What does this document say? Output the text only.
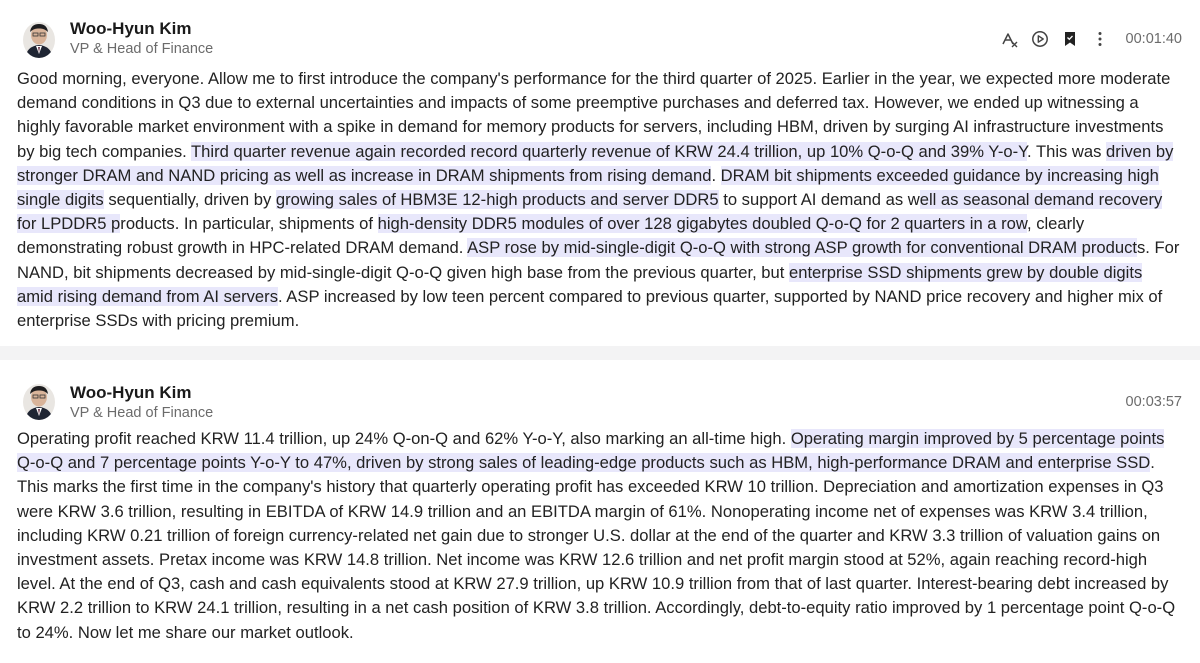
Woo-Hyun Kim
VP & Head of Finance
00:01:40

Good morning, everyone. Allow me to first introduce the company's performance for the third quarter of 2025. Earlier in the year, we expected more moderate demand conditions in Q3 due to external uncertainties and impacts of some preemptive purchases and deferred tax. However, we ended up witnessing a highly favorable market environment with a spike in demand for memory products for servers, including HBM, driven by surging AI infrastructure investments by big tech companies. Third quarter revenue again recorded record quarterly revenue of KRW 24.4 trillion, up 10% Q-o-Q and 39% Y-o-Y. This was driven by stronger DRAM and NAND pricing as well as increase in DRAM shipments from rising demand. DRAM bit shipments exceeded guidance by increasing high single digits sequentially, driven by growing sales of HBM3E 12-high products and server DDR5 to support AI demand as well as seasonal demand recovery for LPDDR5 products. In particular, shipments of high-density DDR5 modules of over 128 gigabytes doubled Q-o-Q for 2 quarters in a row, clearly demonstrating robust growth in HPC-related DRAM demand. ASP rose by mid-single-digit Q-o-Q with strong ASP growth for conventional DRAM products. For NAND, bit shipments decreased by mid-single-digit Q-o-Q given high base from the previous quarter, but enterprise SSD shipments grew by double digits amid rising demand from AI servers. ASP increased by low teen percent compared to previous quarter, supported by NAND price recovery and higher mix of enterprise SSDs with pricing premium.

Woo-Hyun Kim
VP & Head of Finance
00:03:57

Operating profit reached KRW 11.4 trillion, up 24% Q-on-Q and 62% Y-o-Y, also marking an all-time high. Operating margin improved by 5 percentage points Q-o-Q and 7 percentage points Y-o-Y to 47%, driven by strong sales of leading-edge products such as HBM, high-performance DRAM and enterprise SSD. This marks the first time in the company's history that quarterly operating profit has exceeded KRW 10 trillion. Depreciation and amortization expenses in Q3 were KRW 3.6 trillion, resulting in EBITDA of KRW 14.9 trillion and an EBITDA margin of 61%. Nonoperating income net of expenses was KRW 3.4 trillion, including KRW 0.21 trillion of foreign currency-related net gain due to stronger U.S. dollar at the end of the quarter and KRW 3.3 trillion of valuation gains on investment assets. Pretax income was KRW 14.8 trillion. Net income was KRW 12.6 trillion and net profit margin stood at 52%, again reaching record-high level. At the end of Q3, cash and cash equivalents stood at KRW 27.9 trillion, up KRW 10.9 trillion from that of last quarter. Interest-bearing debt increased by KRW 2.2 trillion to KRW 24.1 trillion, resulting in a net cash position of KRW 3.8 trillion. Accordingly, debt-to-equity ratio improved by 1 percentage point Q-o-Q to 24%. Now let me share our market outlook.
